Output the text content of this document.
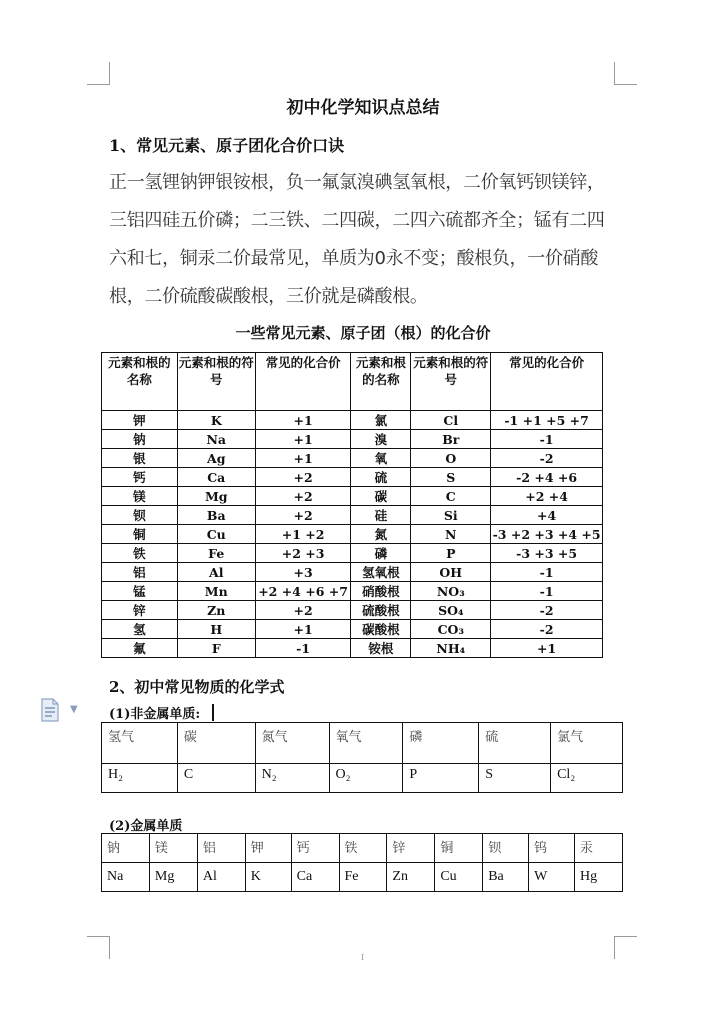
初中化学知识点总结
1、常见元素、原子团化合价口诀
正一氢锂钠钾银铵根，负一氟氯溴碘氢氧根，二价氧钙钡镁锌，三铝四硅五价磷；二三铁、二四碳，二四六硫都齐全；锰有二四六和七，铜汞二价最常见，单质为0永不变；酸根负，一价硝酸根，二价硫酸碳酸根，三价就是磷酸根。
一些常见元素、原子团（根）的化合价
元素和根的名称	元素和根的符号	常见的化合价	元素和根的名称	元素和根的符号	常见的化合价
钾	K	+1	氯	Cl	-1 +1 +5 +7
钠	Na	+1	溴	Br	-1
银	Ag	+1	氧	O	-2
钙	Ca	+2	硫	S	-2 +4 +6
镁	Mg	+2	碳	C	+2 +4
钡	Ba	+2	硅	Si	+4
铜	Cu	+1 +2	氮	N	-3 +2 +3 +4 +5
铁	Fe	+2 +3	磷	P	-3 +3 +5
铝	Al	+3	氢氧根	OH	-1
锰	Mn	+2 +4 +6 +7	硝酸根	NO₃	-1
锌	Zn	+2	硫酸根	SO₄	-2
氢	H	+1	碳酸根	CO₃	-2
氟	F	-1	铵根	NH₄	+1
2、初中常见物质的化学式
(1)非金属单质:
▼
氢气	碳	氮气	氧气	磷	硫	氯气
H₂	C	N₂	O₂	P	S	Cl₂
(2)金属单质
钠	镁	铝	钾	钙	铁	锌	铜	钡	钨	汞
Na	Mg	Al	K	Ca	Fe	Zn	Cu	Ba	W	Hg
I
